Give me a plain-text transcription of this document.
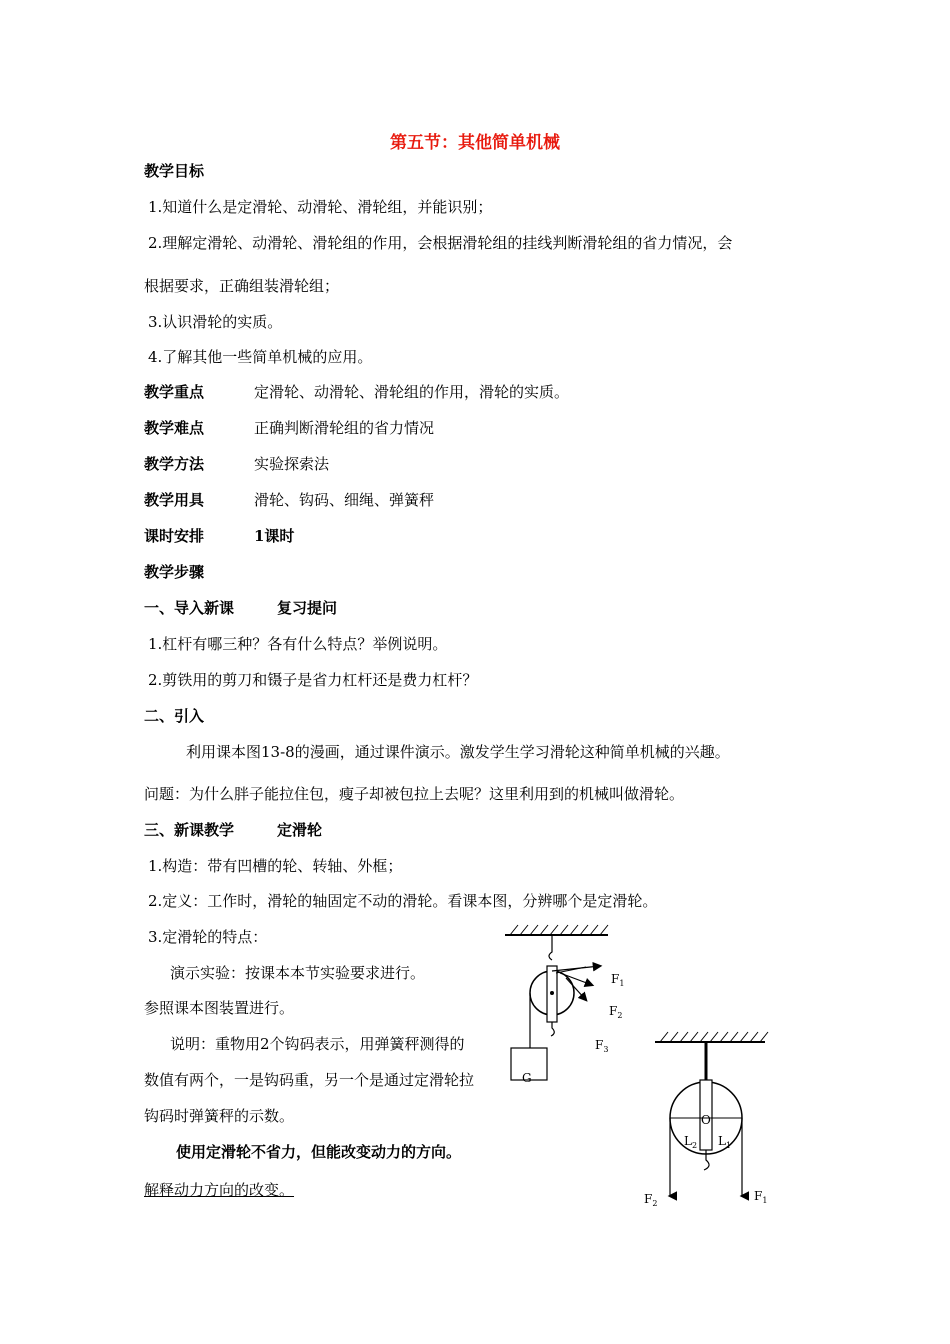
第五节：其他简单机械
教学目标
1.知道什么是定滑轮、动滑轮、滑轮组，并能识别；
2.理解定滑轮、动滑轮、滑轮组的作用，会根据滑轮组的挂线判断滑轮组的省力情况，会
根据要求，正确组装滑轮组；
3.认识滑轮的实质。
4.了解其他一些简单机械的应用。
教学重点	定滑轮、动滑轮、滑轮组的作用，滑轮的实质。
教学难点	正确判断滑轮组的省力情况
教学方法	实验探索法
教学用具	滑轮、钩码、细绳、弹簧秤
课时安排	1课时
教学步骤
一、导入新课	复习提问
1.杠杆有哪三种？各有什么特点？举例说明。
2.剪铁用的剪刀和镊子是省力杠杆还是费力杠杆？
二、引入
利用课本图13-8的漫画，通过课件演示。激发学生学习滑轮这种简单机械的兴趣。
问题：为什么胖子能拉住包，瘦子却被包拉上去呢？这里利用到的机械叫做滑轮。
三、新课教学	定滑轮
1.构造：带有凹槽的轮、转轴、外框；
2.定义：工作时，滑轮的轴固定不动的滑轮。看课本图，分辨哪个是定滑轮。
3.定滑轮的特点：
演示实验：按课本本节实验要求进行。
参照课本图装置进行。
说明：重物用2个钩码表示，用弹簧秤测得的
数值有两个，一是钩码重，另一个是通过定滑轮拉
钩码时弹簧秤的示数。
使用定滑轮不省力，但能改变动力的方向。
解释动力方向的改变。
$F_1$
$F_2$
$F_3$
G
O
$L_2$ $L_1$
$F_2$
$F_1$
